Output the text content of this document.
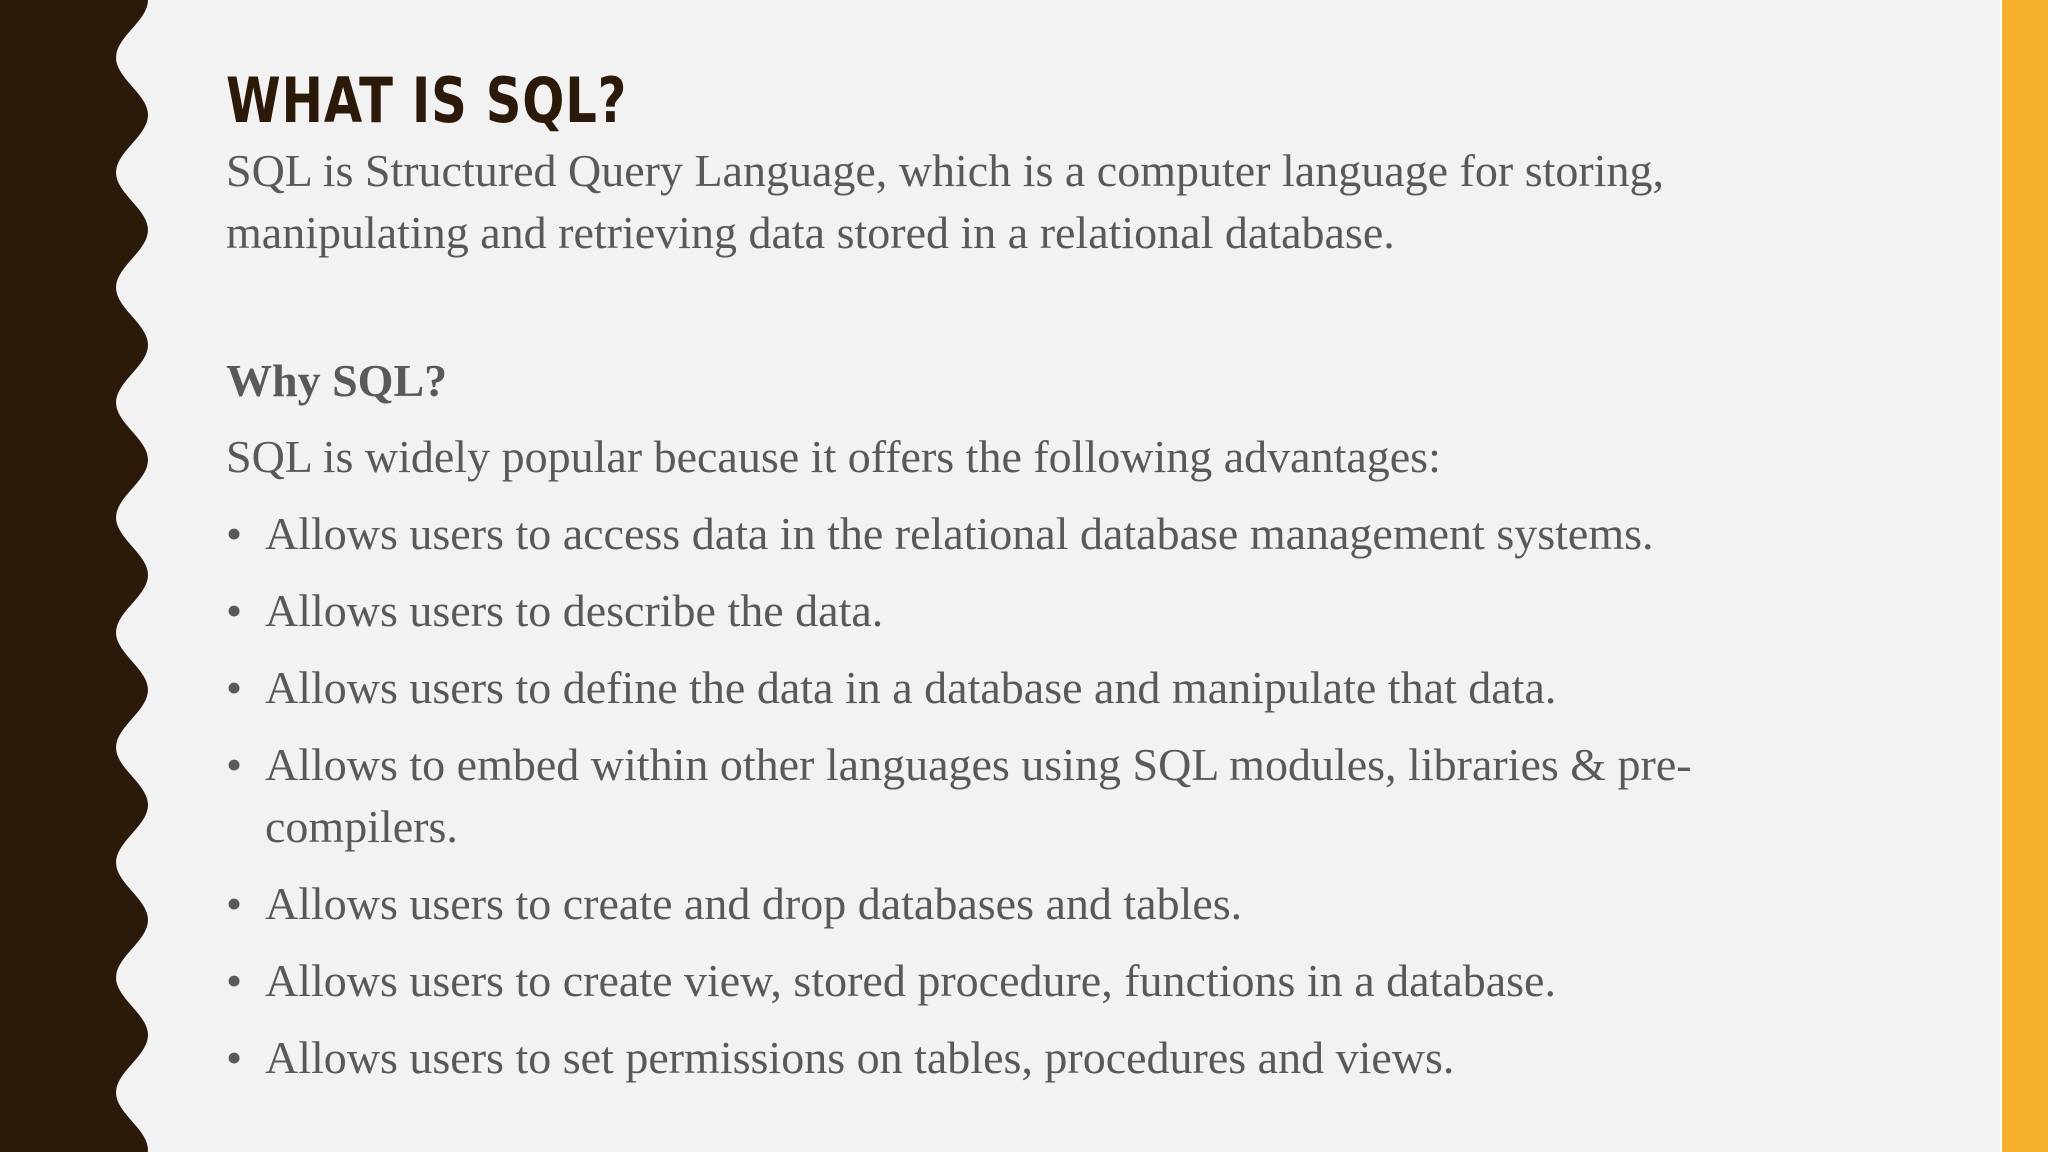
WHAT IS SQL?

SQL is Structured Query Language, which is a computer language for storing, manipulating and retrieving data stored in a relational database.

Why SQL?

SQL is widely popular because it offers the following advantages:

• Allows users to access data in the relational database management systems.
• Allows users to describe the data.
• Allows users to define the data in a database and manipulate that data.
• Allows to embed within other languages using SQL modules, libraries & pre-compilers.
• Allows users to create and drop databases and tables.
• Allows users to create view, stored procedure, functions in a database.
• Allows users to set permissions on tables, procedures and views.
